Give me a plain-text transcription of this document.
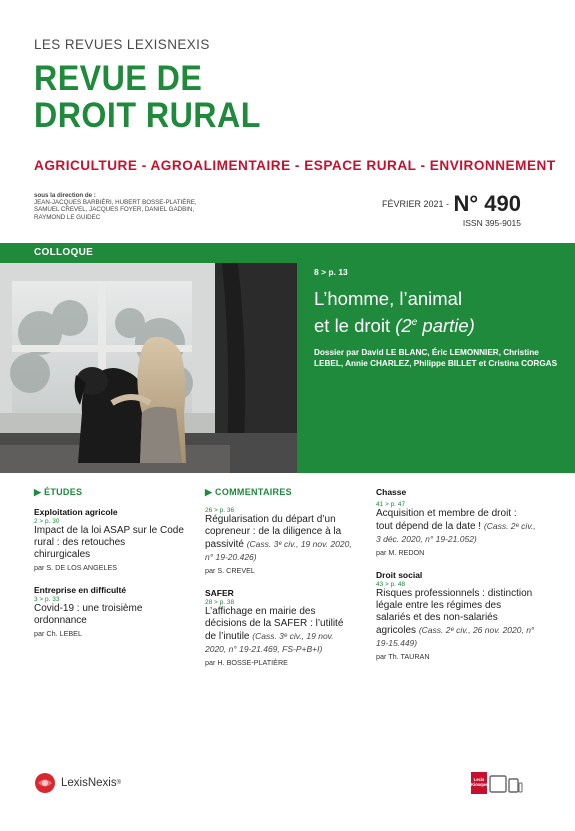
LES REVUES LEXISNEXIS
REVUE DE
DROIT RURAL
AGRICULTURE - AGROALIMENTAIRE - ESPACE RURAL - ENVIRONNEMENT
sous la direction de :
JEAN-JACQUES BARBIÉRI, HUBERT BOSSE-PLATIÈRE,
SAMUEL CREVEL, JACQUES FOYER, DANIEL GADBIN,
RAYMOND LE GUIDEC
$^{FÉVRIER 2021 -}$ N° 490
ISSN 395-9015
COLLOQUE
8 > p. 13
L’homme, l’animal
et le droit (2e partie)
Dossier par David LE BLANC, Éric LEMONNIER, Christine LEBEL, Annie CHARLEZ, Philippe BILLET et Cristina CORGAS
▶ ÉTUDES
Exploitation agricole
2 > p. 30
Impact de la loi ASAP sur le Code rural : des retouches chirurgicales
par S. DE LOS ANGELES
Entreprise en difficulté
3 > p. 33
Covid-19 : une troisième ordonnance
par Ch. LEBEL
▶ COMMENTAIRES
26 > p. 36
Régularisation du départ d’un copreneur : de la diligence à la passivité (Cass. 3ᵉ civ., 19 nov. 2020, n° 19-20.426)
par S. CREVEL
SAFER
28 > p. 38
L’affichage en mairie des décisions de la SAFER : l’utilité de l’inutile (Cass. 3ᵉ civ., 19 nov. 2020, n° 19-21.469, FS-P+B+I)
par H. BOSSE-PLATIÈRE
Chasse
41 > p. 47
Acquisition et membre de droit : tout dépend de la date ! (Cass. 2ᵉ civ., 3 déc. 2020, n° 19-21.052)
par M. REDON
Droit social
43 > p. 48
Risques professionnels : distinction légale entre les régimes des salariés et des non-salariés agricoles (Cass. 2ᵉ civ., 26 nov. 2020, n° 19-15.449)
par Th. TAURAN
LexisNexis ®
Lexis
Kiosque
